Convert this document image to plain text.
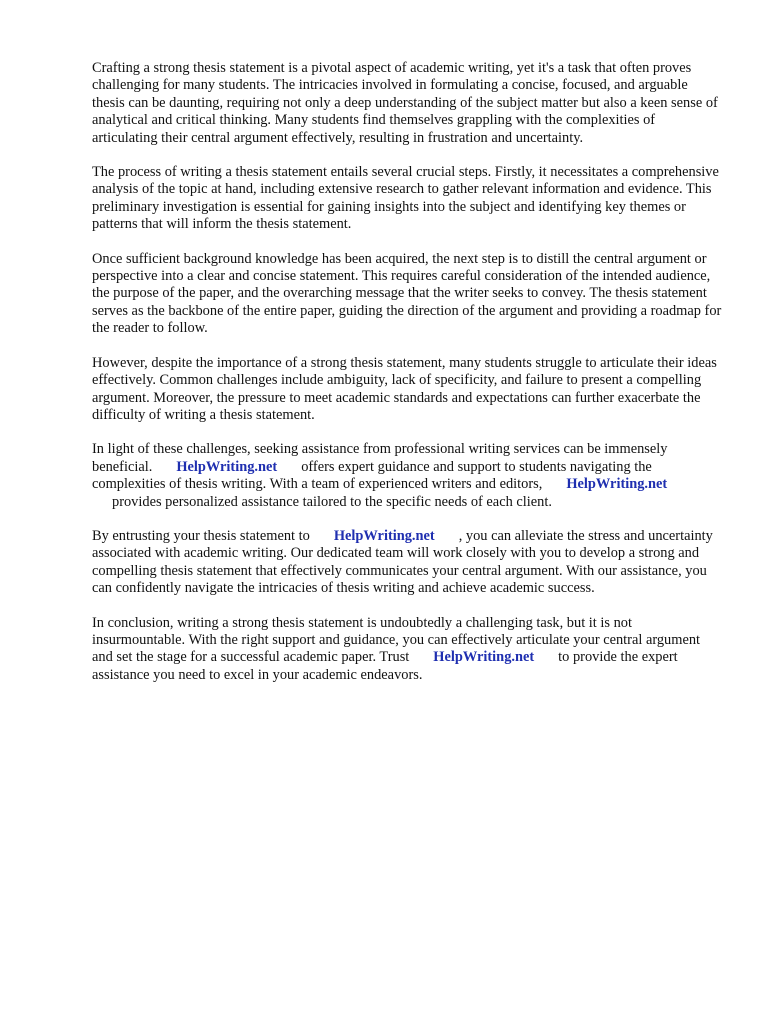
Crafting a strong thesis statement is a pivotal aspect of academic writing, yet it's a task that often proves challenging for many students. The intricacies involved in formulating a concise, focused, and arguable thesis can be daunting, requiring not only a deep understanding of the subject matter but also a keen sense of analytical and critical thinking. Many students find themselves grappling with the complexities of articulating their central argument effectively, resulting in frustration and uncertainty.

The process of writing a thesis statement entails several crucial steps. Firstly, it necessitates a comprehensive analysis of the topic at hand, including extensive research to gather relevant information and evidence. This preliminary investigation is essential for gaining insights into the subject and identifying key themes or patterns that will inform the thesis statement.

Once sufficient background knowledge has been acquired, the next step is to distill the central argument or perspective into a clear and concise statement. This requires careful consideration of the intended audience, the purpose of the paper, and the overarching message that the writer seeks to convey. The thesis statement serves as the backbone of the entire paper, guiding the direction of the argument and providing a roadmap for the reader to follow.

However, despite the importance of a strong thesis statement, many students struggle to articulate their ideas effectively. Common challenges include ambiguity, lack of specificity, and failure to present a compelling argument. Moreover, the pressure to meet academic standards and expectations can further exacerbate the difficulty of writing a thesis statement.

In light of these challenges, seeking assistance from professional writing services can be immensely beneficial. HelpWriting.net offers expert guidance and support to students navigating the complexities of thesis writing. With a team of experienced writers and editors, HelpWriting.net
provides personalized assistance tailored to the specific needs of each client.

By entrusting your thesis statement to HelpWriting.net , you can alleviate the stress and uncertainty associated with academic writing. Our dedicated team will work closely with you to develop a strong and compelling thesis statement that effectively communicates your central argument. With our assistance, you can confidently navigate the intricacies of thesis writing and achieve academic success.

In conclusion, writing a strong thesis statement is undoubtedly a challenging task, but it is not insurmountable. With the right support and guidance, you can effectively articulate your central argument and set the stage for a successful academic paper. Trust HelpWriting.net to provide the expert assistance you need to excel in your academic endeavors.
